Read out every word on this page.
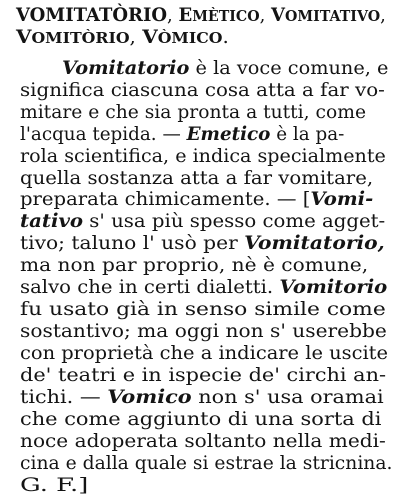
VOMITATÒRIO, EMÈTICO, VOMITATIVO,
VOMITÒRIO, VÒMICO.
Vomitatorio è la voce comune, e
significa ciascuna cosa atta a far vo-
mitare e che sia pronta a tutti, come
l'acqua tepida. — Emetico è la pa-
rola scientifica, e indica specialmente
quella sostanza atta a far vomitare,
preparata chimicamente. — [Vomi-
tativo s' usa più spesso come agget-
tivo; taluno l' usò per Vomitatorio,
ma non par proprio, nè è comune,
salvo che in certi dialetti. Vomitorio
fu usato già in senso simile come
sostantivo; ma oggi non s' userebbe
con proprietà che a indicare le uscite
de' teatri e in ispecie de' circhi an-
tichi. — Vomico non s' usa oramai
che come aggiunto di una sorta di
noce adoperata soltanto nella medi-
cina e dalla quale si estrae la stricnina.
G. F.]
